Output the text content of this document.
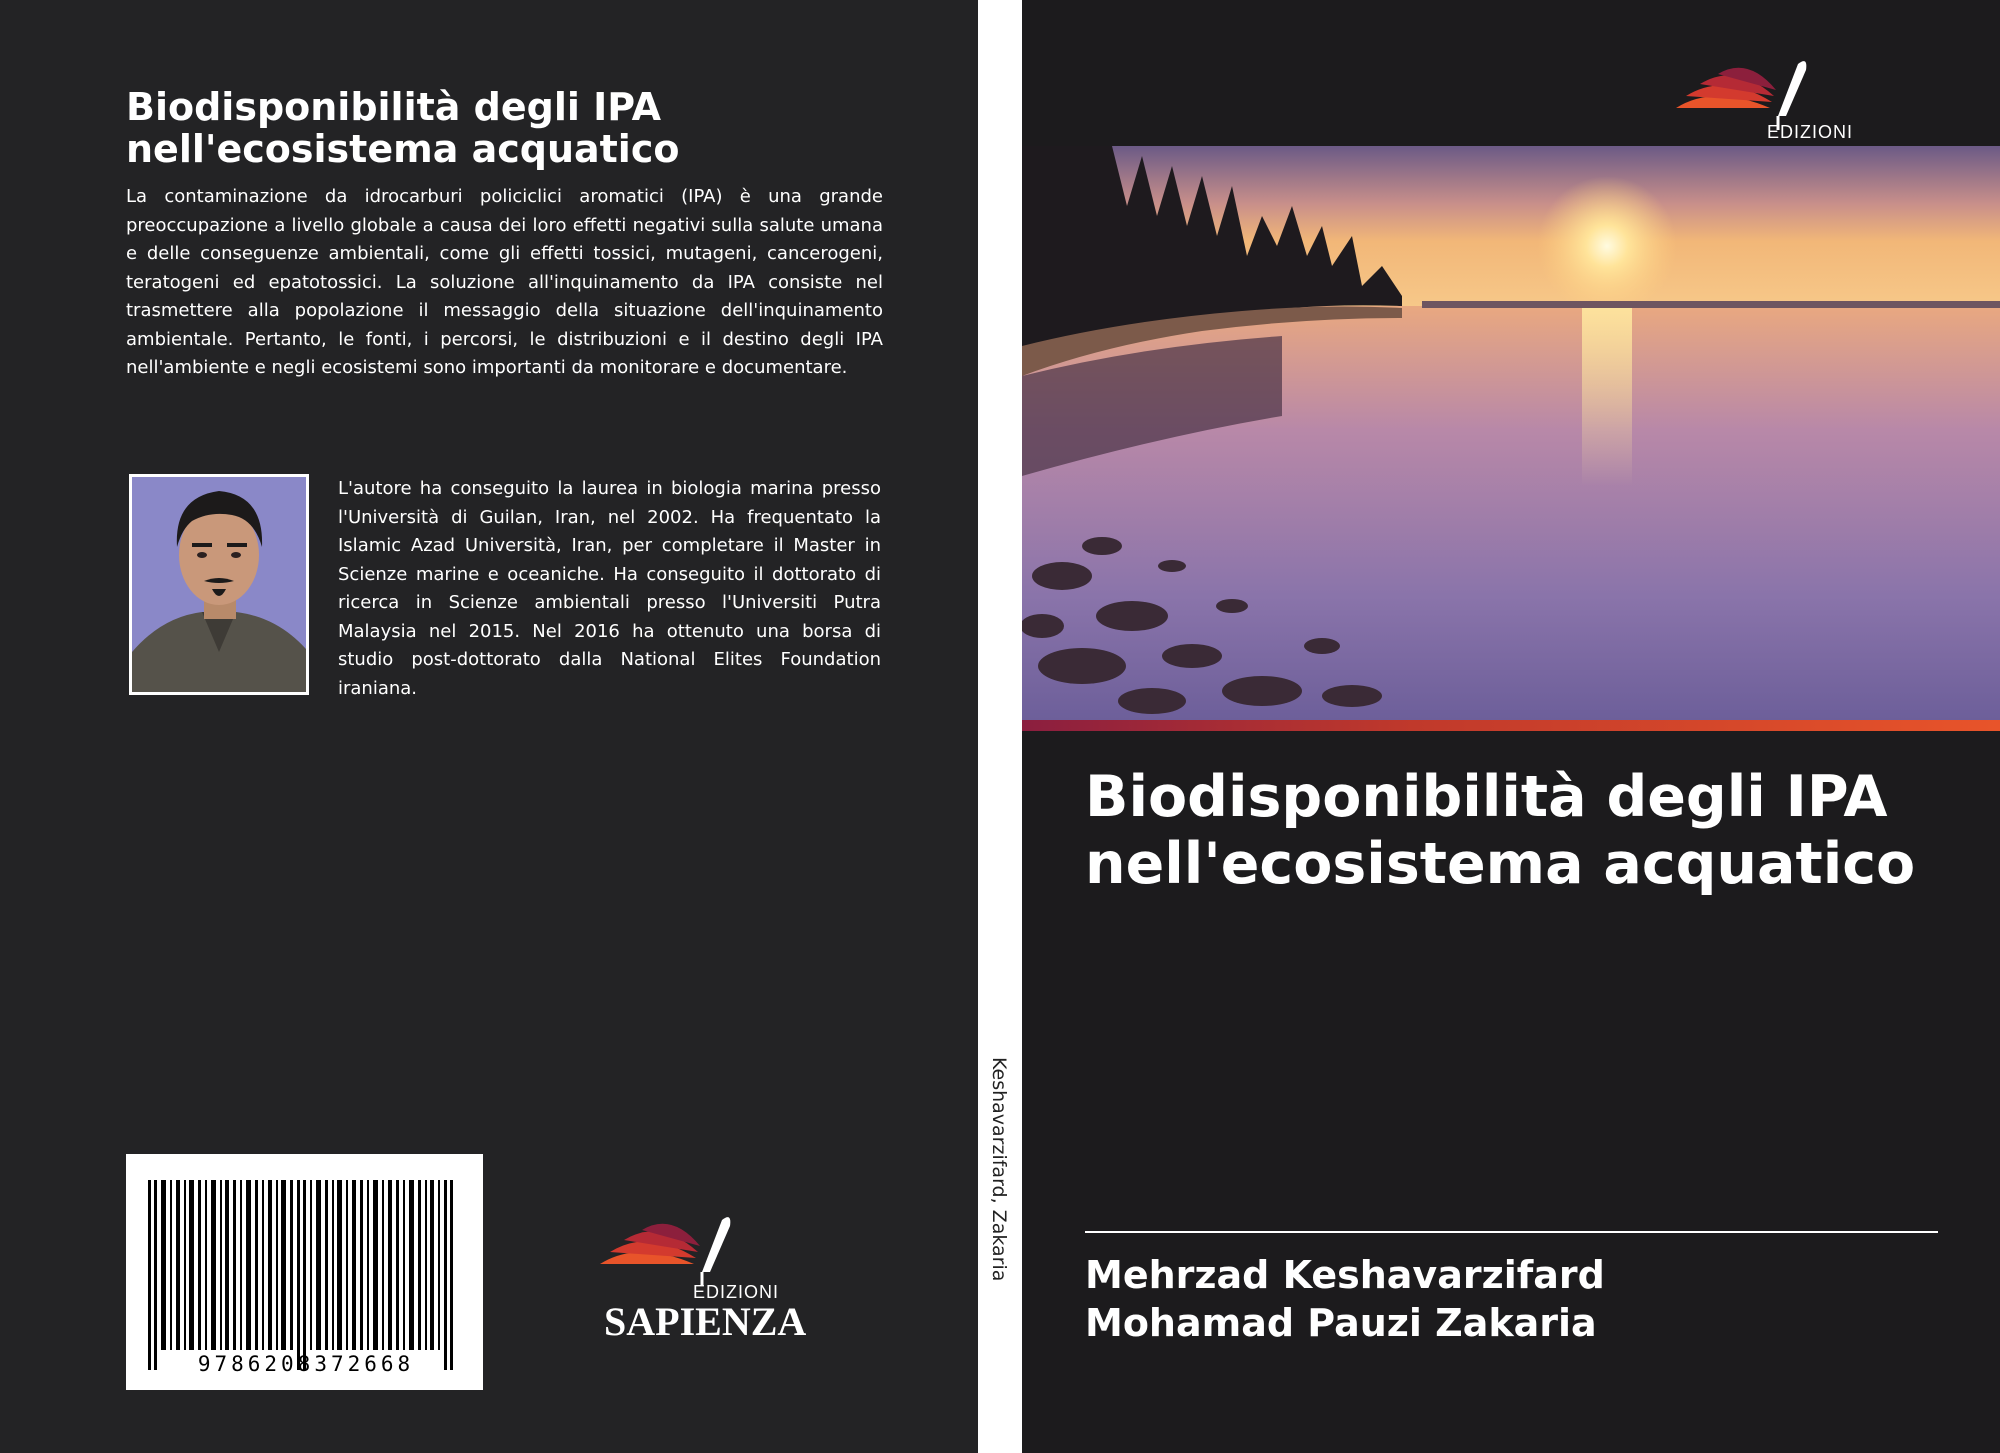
Biodisponibilità degli IPA nell'ecosistema acquatico

La contaminazione da idrocarburi policiclici aromatici (IPA) è una grande preoccupazione a livello globale a causa dei loro effetti negativi sulla salute umana e delle conseguenze ambientali, come gli effetti tossici, mutageni, cancerogeni, teratogeni ed epatotossici. La soluzione all'inquinamento da IPA consiste nel trasmettere alla popolazione il messaggio della situazione dell'inquinamento ambientale. Pertanto, le fonti, i percorsi, le distribuzioni e il destino degli IPA nell'ambiente e negli ecosistemi sono importanti da monitorare e documentare.

L'autore ha conseguito la laurea in biologia marina presso l'Università di Guilan, Iran, nel 2002. Ha frequentato la Islamic Azad Università, Iran, per completare il Master in Scienze marine e oceaniche. Ha conseguito il dottorato di ricerca in Scienze ambientali presso l'Universiti Putra Malaysia nel 2015. Nel 2016 ha ottenuto una borsa di studio post-dottorato dalla National Elites Foundation iraniana.

9786208372668
EDIZIONI
SAPIENZA
Keshavarzifard, Zakaria
EDIZIONI
Biodisponibilità degli IPA nell'ecosistema acquatico
Mehrzad Keshavarzifard
Mohamad Pauzi Zakaria
